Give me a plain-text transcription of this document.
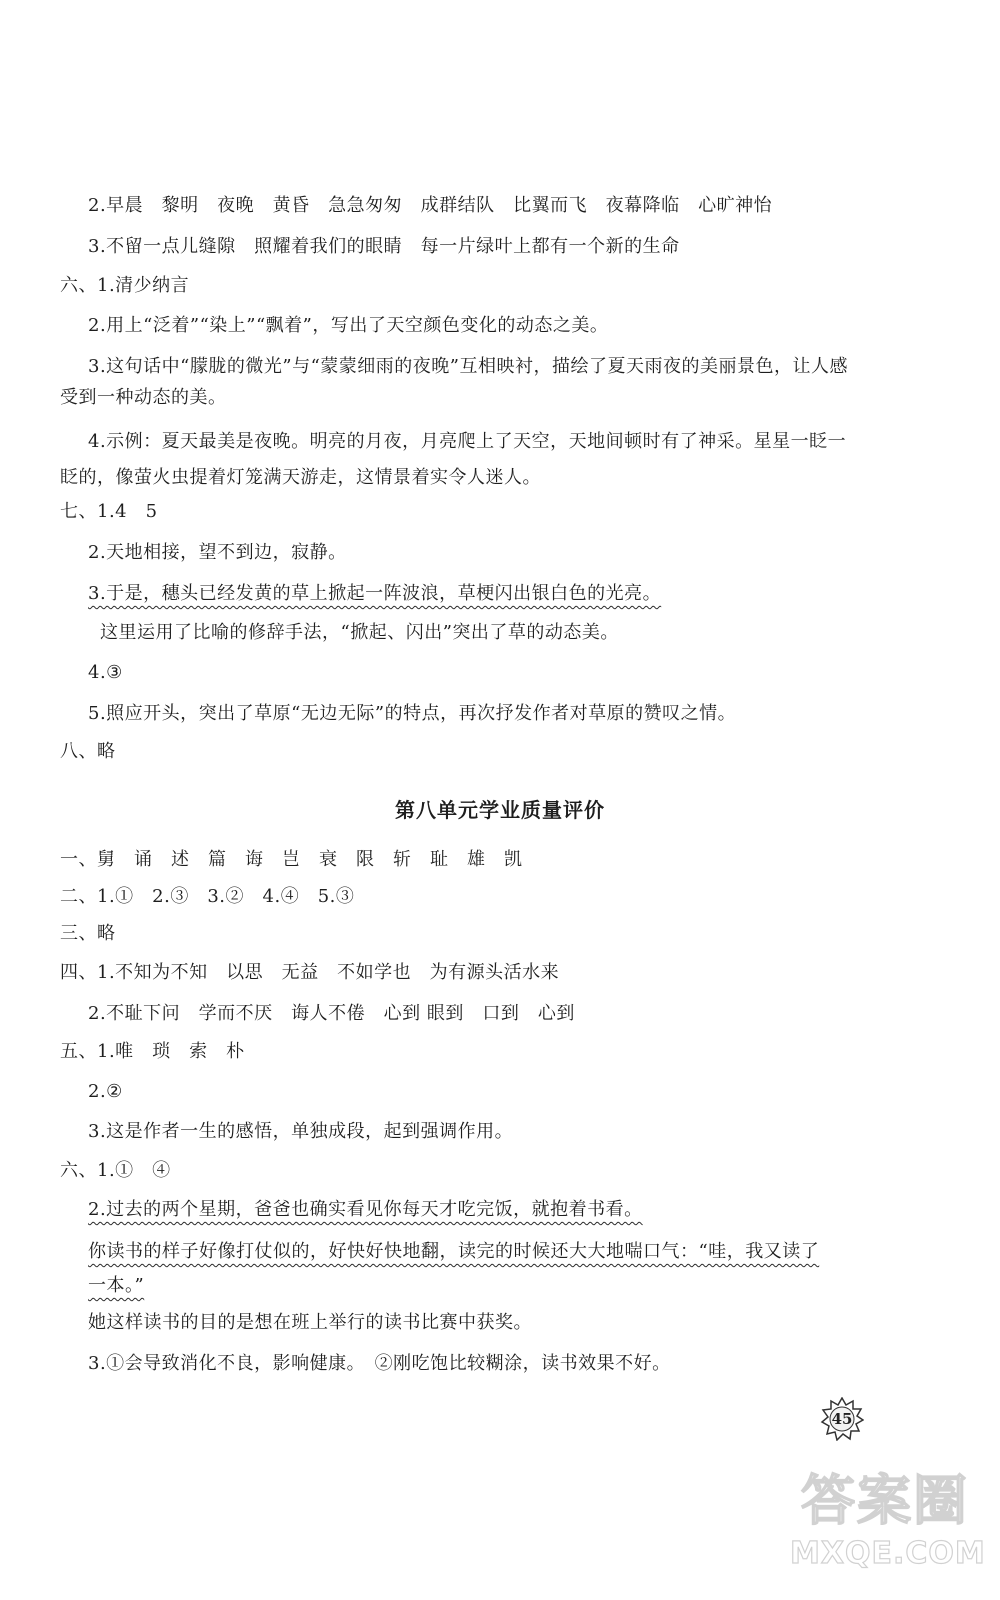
2.早晨　黎明　夜晚　黄昏　急急匆匆　成群结队　比翼而飞　夜幕降临　心旷神怡
3.不留一点儿缝隙　照耀着我们的眼睛　每一片绿叶上都有一个新的生命
六、1.清少纳言
2.用上“泛着”“染上”“飘着”，写出了天空颜色变化的动态之美。
3.这句话中“朦胧的微光”与“蒙蒙细雨的夜晚”互相映衬，描绘了夏天雨夜的美丽景色，让人感
受到一种动态的美。
4.示例：夏天最美是夜晚。明亮的月夜，月亮爬上了天空，天地间顿时有了神采。星星一眨一
眨的，像萤火虫提着灯笼满天游走，这情景着实令人迷人。
七、1.4　5
2.天地相接，望不到边，寂静。
3.于是，穗头已经发黄的草上掀起一阵波浪，草梗闪出银白色的光亮。
这里运用了比喻的修辞手法，“掀起、闪出”突出了草的动态美。
4.③
5.照应开头，突出了草原“无边无际”的特点，再次抒发作者对草原的赞叹之情。
八、略
第八单元学业质量评价
一、舅　诵　述　篇　诲　岂　衰　限　斩　耻　雄　凯
二、1.①　2.③　3.②　4.④　5.③
三、略
四、1.不知为不知　以思　无益　不如学也　为有源头活水来
2.不耻下问　学而不厌　诲人不倦　心到 眼到　口到　心到
五、1.唯　琐　索　朴
2.②
3.这是作者一生的感悟，单独成段，起到强调作用。
六、1.①　④
2.过去的两个星期，爸爸也确实看见你每天才吃完饭，就抱着书看。
你读书的样子好像打仗似的，好快好快地翻，读完的时候还大大地喘口气：“哇，我又读了
一本。”
她这样读书的目的是想在班上举行的读书比赛中获奖。
3.①会导致消化不良，影响健康。　②刚吃饱比较糊涂，读书效果不好。
45
答案圈
MXQE.COM
